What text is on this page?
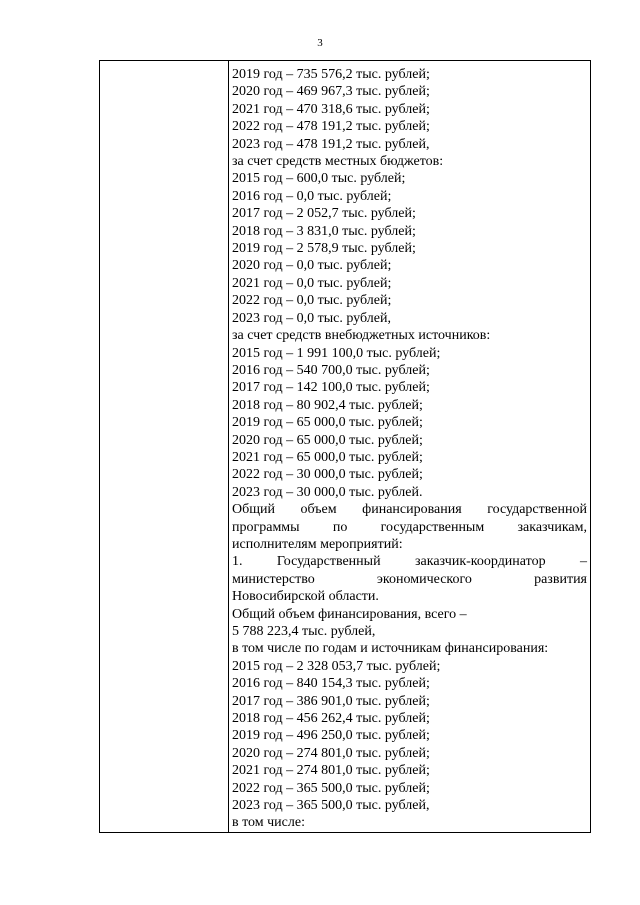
3
2019 год – 735 576,2 тыс. рублей;
2020 год – 469 967,3 тыс. рублей;
2021 год – 470 318,6 тыс. рублей;
2022 год – 478 191,2 тыс. рублей;
2023 год – 478 191,2 тыс. рублей,
за счет средств местных бюджетов:
2015 год – 600,0 тыс. рублей;
2016 год – 0,0 тыс. рублей;
2017 год – 2 052,7 тыс. рублей;
2018 год – 3 831,0 тыс. рублей;
2019 год – 2 578,9 тыс. рублей;
2020 год – 0,0 тыс. рублей;
2021 год – 0,0 тыс. рублей;
2022 год – 0,0 тыс. рублей;
2023 год – 0,0 тыс. рублей,
за счет средств внебюджетных источников:
2015 год – 1 991 100,0 тыс. рублей;
2016 год – 540 700,0 тыс. рублей;
2017 год – 142 100,0 тыс. рублей;
2018 год – 80 902,4 тыс. рублей;
2019 год – 65 000,0 тыс. рублей;
2020 год – 65 000,0 тыс. рублей;
2021 год – 65 000,0 тыс. рублей;
2022 год – 30 000,0 тыс. рублей;
2023 год – 30 000,0 тыс. рублей.
Общий объем финансирования государственной
программы по государственным заказчикам,
исполнителям мероприятий:
1. Государственный заказчик-координатор –
министерство экономического развития
Новосибирской области.
Общий объем финансирования, всего –
5 788 223,4 тыс. рублей,
в том числе по годам и источникам финансирования:
2015 год – 2 328 053,7 тыс. рублей;
2016 год – 840 154,3 тыс. рублей;
2017 год – 386 901,0 тыс. рублей;
2018 год – 456 262,4 тыс. рублей;
2019 год – 496 250,0 тыс. рублей;
2020 год – 274 801,0 тыс. рублей;
2021 год – 274 801,0 тыс. рублей;
2022 год – 365 500,0 тыс. рублей;
2023 год – 365 500,0 тыс. рублей,
в том числе:
